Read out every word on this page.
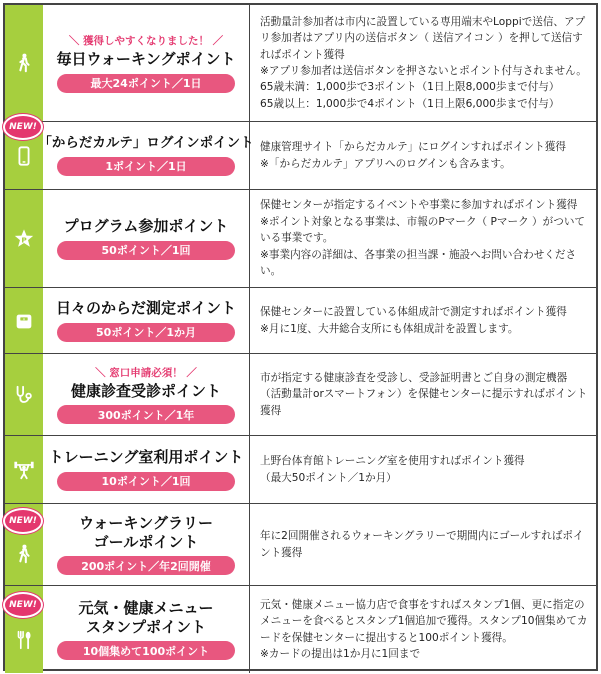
＼ 獲得しやすくなりました！ ／
毎日ウォーキングポイント
最大24ポイント／1日

活動量計参加者は市内に設置している専用端末やLoppiで送信、アプリ参加者はアプリ内の送信ボタン（ 送信アイコン ）を押して送信すればポイント獲得
※アプリ参加者は送信ボタンを押さないとポイント付与されません。
65歳未満：1,000歩で3ポイント（1日上限8,000歩まで付与）
65歳以上：1,000歩で4ポイント（1日上限6,000歩まで付与）

NEW!
「からだカルテ」ログインポイント
1ポイント／1日

健康管理サイト「からだカルテ」にログインすればポイント獲得
※「からだカルテ」アプリへのログインも含みます。

P
プログラム参加ポイント
50ポイント／1回

保健センターが指定するイベントや事業に参加すればポイント獲得
※ポイント対象となる事業は、市報のPマーク（ Pマーク ）がついている事業です。
※事業内容の詳細は、各事業の担当課・施設へお問い合わせください。

日々のからだ測定ポイント
50ポイント／1か月

保健センターに設置している体組成計で測定すればポイント獲得
※月に1度、大井総合支所にも体組成計を設置します。

＼ 窓口申請必須！ ／
健康診査受診ポイント
300ポイント／1年

市が指定する健康診査を受診し、受診証明書とご自身の測定機器（活動量計orスマートフォン）を保健センターに提示すればポイント獲得

トレーニング室利用ポイント
10ポイント／1回

上野台体育館トレーニング室を使用すればポイント獲得
（最大50ポイント／1か月）

NEW!	ウォーキングラリー
ゴールポイント
200ポイント／年2回開催

年に2回開催されるウォーキングラリーで期間内にゴールすればポイント獲得

NEW!	元気・健康メニュー
スタンプポイント
10個集めて100ポイント

元気・健康メニュー協力店で食事をすればスタンプ1個、更に指定のメニューを食べるとスタンプ1個追加で獲得。スタンプ10個集めてカードを保健センターに提出すると100ポイント獲得。
※カードの提出は1か月に1回まで
